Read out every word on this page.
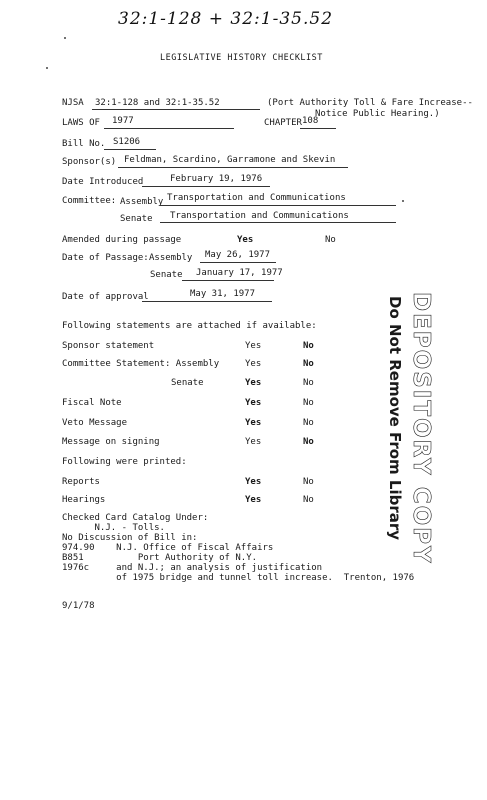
32:1-128 + 32:1-35.52
LEGISLATIVE HISTORY CHECKLIST
NJSA 32:1-128 and 32:1-35.52	(Port Authority Toll & Fare Increase--
Notice Public Hearing.)
LAWS OF 1977	CHAPTER 108
Bill No. S1206
Sponsor(s) Feldman, Scardino, Garramone and Skevin
Date Introduced	February 19, 1976
Committee: Assembly Transportation and Communications
Senate Transportation and Communications
Amended during passage	Yes	No
Date of Passage: Assembly May 26, 1977
Senate January 17, 1977
Date of approval	May 31, 1977
Following statements are attached if available:
Sponsor statement	Yes	No
Committee Statement: Assembly	Yes	No
Senate	Yes	No
Fiscal Note	Yes	No
Veto Message	Yes	No
Message on signing	Yes	No
Following were printed:
Reports	Yes	No
Hearings	Yes	No
Checked Card Catalog Under:
N.J. - Tolls.
No Discussion of Bill in:
974.90    N.J. Office of Fiscal Affairs
B851          Port Authority of N.Y.
1976c     and N.J.; an analysis of justification
of 1975 bridge and tunnel toll increase.  Trenton, 1976
9/1/78
DEPOSITORY COPY
Do Not Remove From Library
